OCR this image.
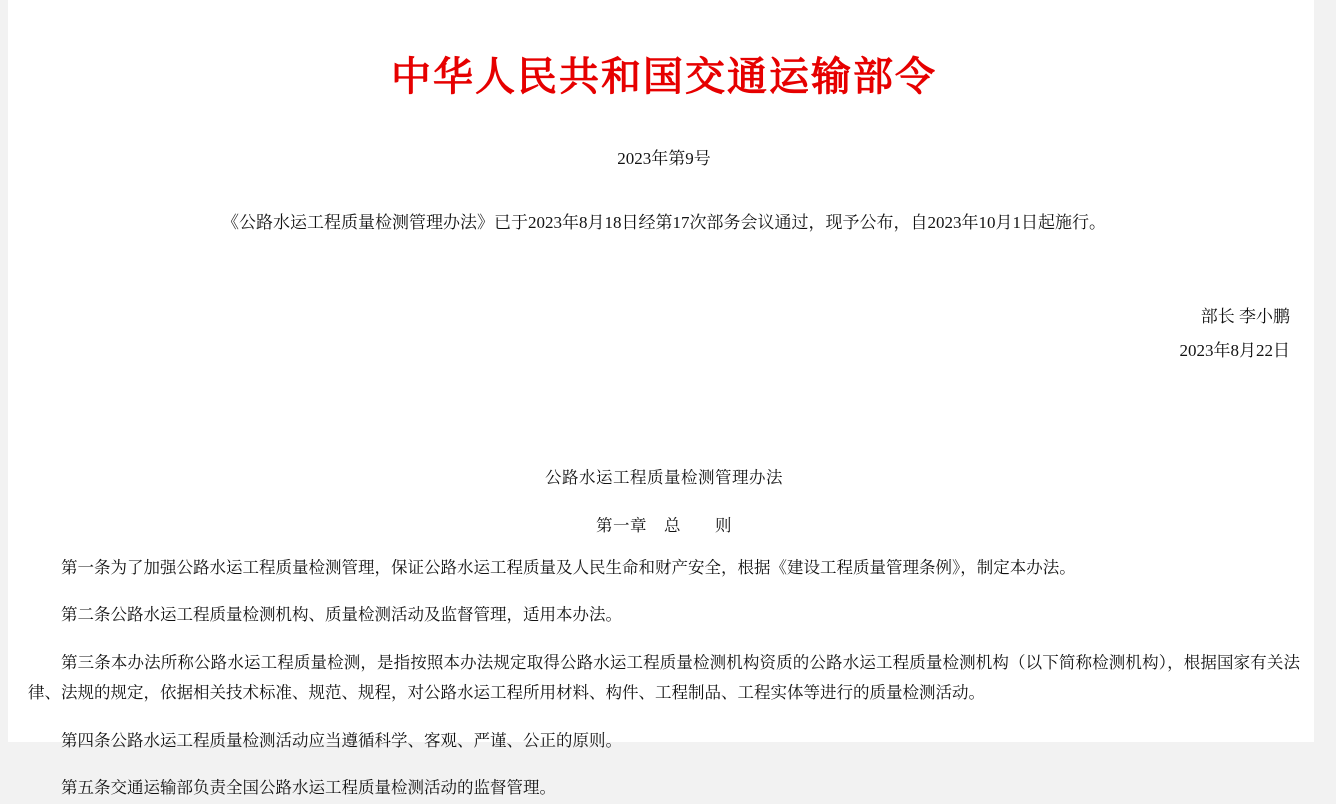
中华人民共和国交通运输部令
2023年第9号
《公路水运工程质量检测管理办法》已于2023年8月18日经第17次部务会议通过，现予公布，自2023年10月1日起施行。
部长 李小鹏
2023年8月22日
公路水运工程质量检测管理办法
第一章　总　　则
第一条为了加强公路水运工程质量检测管理，保证公路水运工程质量及人民生命和财产安全，根据《建设工程质量管理条例》，制定本办法。
第二条公路水运工程质量检测机构、质量检测活动及监督管理，适用本办法。
第三条本办法所称公路水运工程质量检测，是指按照本办法规定取得公路水运工程质量检测机构资质的公路水运工程质量检测机构（以下简称检测机构），根据国家有关法律、法规的规定，依据相关技术标准、规范、规程，对公路水运工程所用材料、构件、工程制品、工程实体等进行的质量检测活动。
第四条公路水运工程质量检测活动应当遵循科学、客观、严谨、公正的原则。
第五条交通运输部负责全国公路水运工程质量检测活动的监督管理。
